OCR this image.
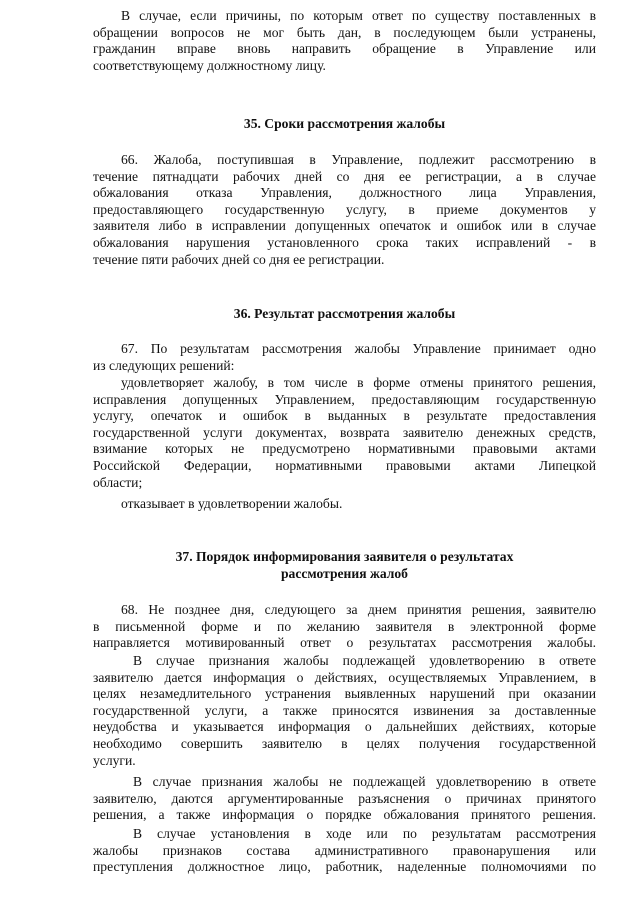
В случае, если причины, по которым ответ по существу поставленных в
обращении вопросов не мог быть дан, в последующем были устранены,
гражданин вправе вновь направить обращение в Управление или
соответствующему должностному лицу.
35. Сроки рассмотрения жалобы
66. Жалоба, поступившая в Управление, подлежит рассмотрению в
течение пятнадцати рабочих дней со дня ее регистрации, а в случае
обжалования отказа Управления, должностного лица Управления,
предоставляющего государственную услугу, в приеме документов у
заявителя либо в исправлении допущенных опечаток и ошибок или в случае
обжалования нарушения установленного срока таких исправлений - в
течение пяти рабочих дней со дня ее регистрации.
36. Результат рассмотрения жалобы
67. По результатам рассмотрения жалобы Управление принимает одно
из следующих решений:
удовлетворяет жалобу, в том числе в форме отмены принятого решения,
исправления допущенных Управлением, предоставляющим государственную
услугу, опечаток и ошибок в выданных в результате предоставления
государственной услуги документах, возврата заявителю денежных средств,
взимание которых не предусмотрено нормативными правовыми актами
Российской Федерации, нормативными правовыми актами Липецкой
области;
отказывает в удовлетворении жалобы.
37. Порядок информирования заявителя о результатах
рассмотрения жалоб
68. Не позднее дня, следующего за днем принятия решения, заявителю
в письменной форме и по желанию заявителя в электронной форме
направляется мотивированный ответ о результатах рассмотрения жалобы.
В случае признания жалобы подлежащей удовлетворению в ответе
заявителю дается информация о действиях, осуществляемых Управлением, в
целях незамедлительного устранения выявленных нарушений при оказании
государственной услуги, а также приносятся извинения за доставленные
неудобства и указывается информация о дальнейших действиях, которые
необходимо совершить заявителю в целях получения государственной
услуги.
В случае признания жалобы не подлежащей удовлетворению в ответе
заявителю, даются аргументированные разъяснения о причинах принятого
решения, а также информация о порядке обжалования принятого решения.
В случае установления в ходе или по результатам рассмотрения
жалобы признаков состава административного правонарушения или
преступления должностное лицо, работник, наделенные полномочиями по
